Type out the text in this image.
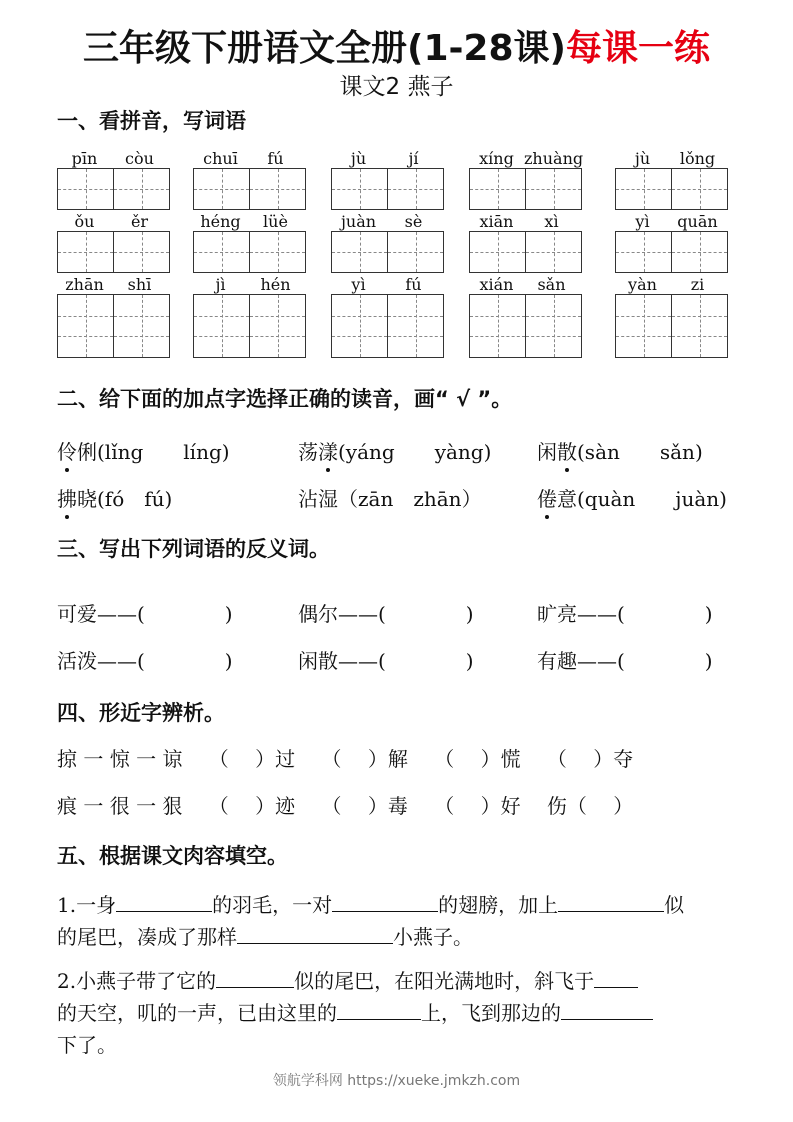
三年级下册语文全册(1-28课)每课一练
课文2 燕子
一、看拼音，写词语
pīn	còu	chuī	fú	jù	jí	xíng zhuàng	jù	lǒng
ǒu	ěr	héng	lüè	juàn	sè	xiān	xì	yì	quān
zhān	shī	jì	hén	yì	fú	xián	sǎn	yàn	zi
二、给下面的加点字选择正确的读音，画“ √ ”。
伶俐(lǐng　　líng)	荡漾(yáng　　yàng) 闲散(sàn　　sǎn)
拂晓(fó　fú)	沾湿（zān　zhān）	倦意(quàn　　juàn)
三、写出下列词语的反义词。
可爱——(　　　　)	偶尔——(　　　　)	旷亮——(　　　　)
活泼——(　　　　)	闲散——(　　　　)	有趣——(　　　　)
四、形近字辨析。
掠 一 惊 一 谅　 （　 ）过　 （　 ）解　 （　 ）慌　 （　 ）夺
痕 一 很 一 狠　 （　 ）迹　 （　 ）毒　 （　 ）好　 伤（　 ）
五、根据课文肉容填空。
1.一身	的羽毛，一对	的翅膀，加上	似
的尾巴，凑成了那样	小燕子。
2.小燕子带了它的	似的尾巴，在阳光满地时，斜飞于
的天空，叽的一声，已由这里的	上，飞到那边的
下了。
领航学科网 https://xueke.jmkzh.com
